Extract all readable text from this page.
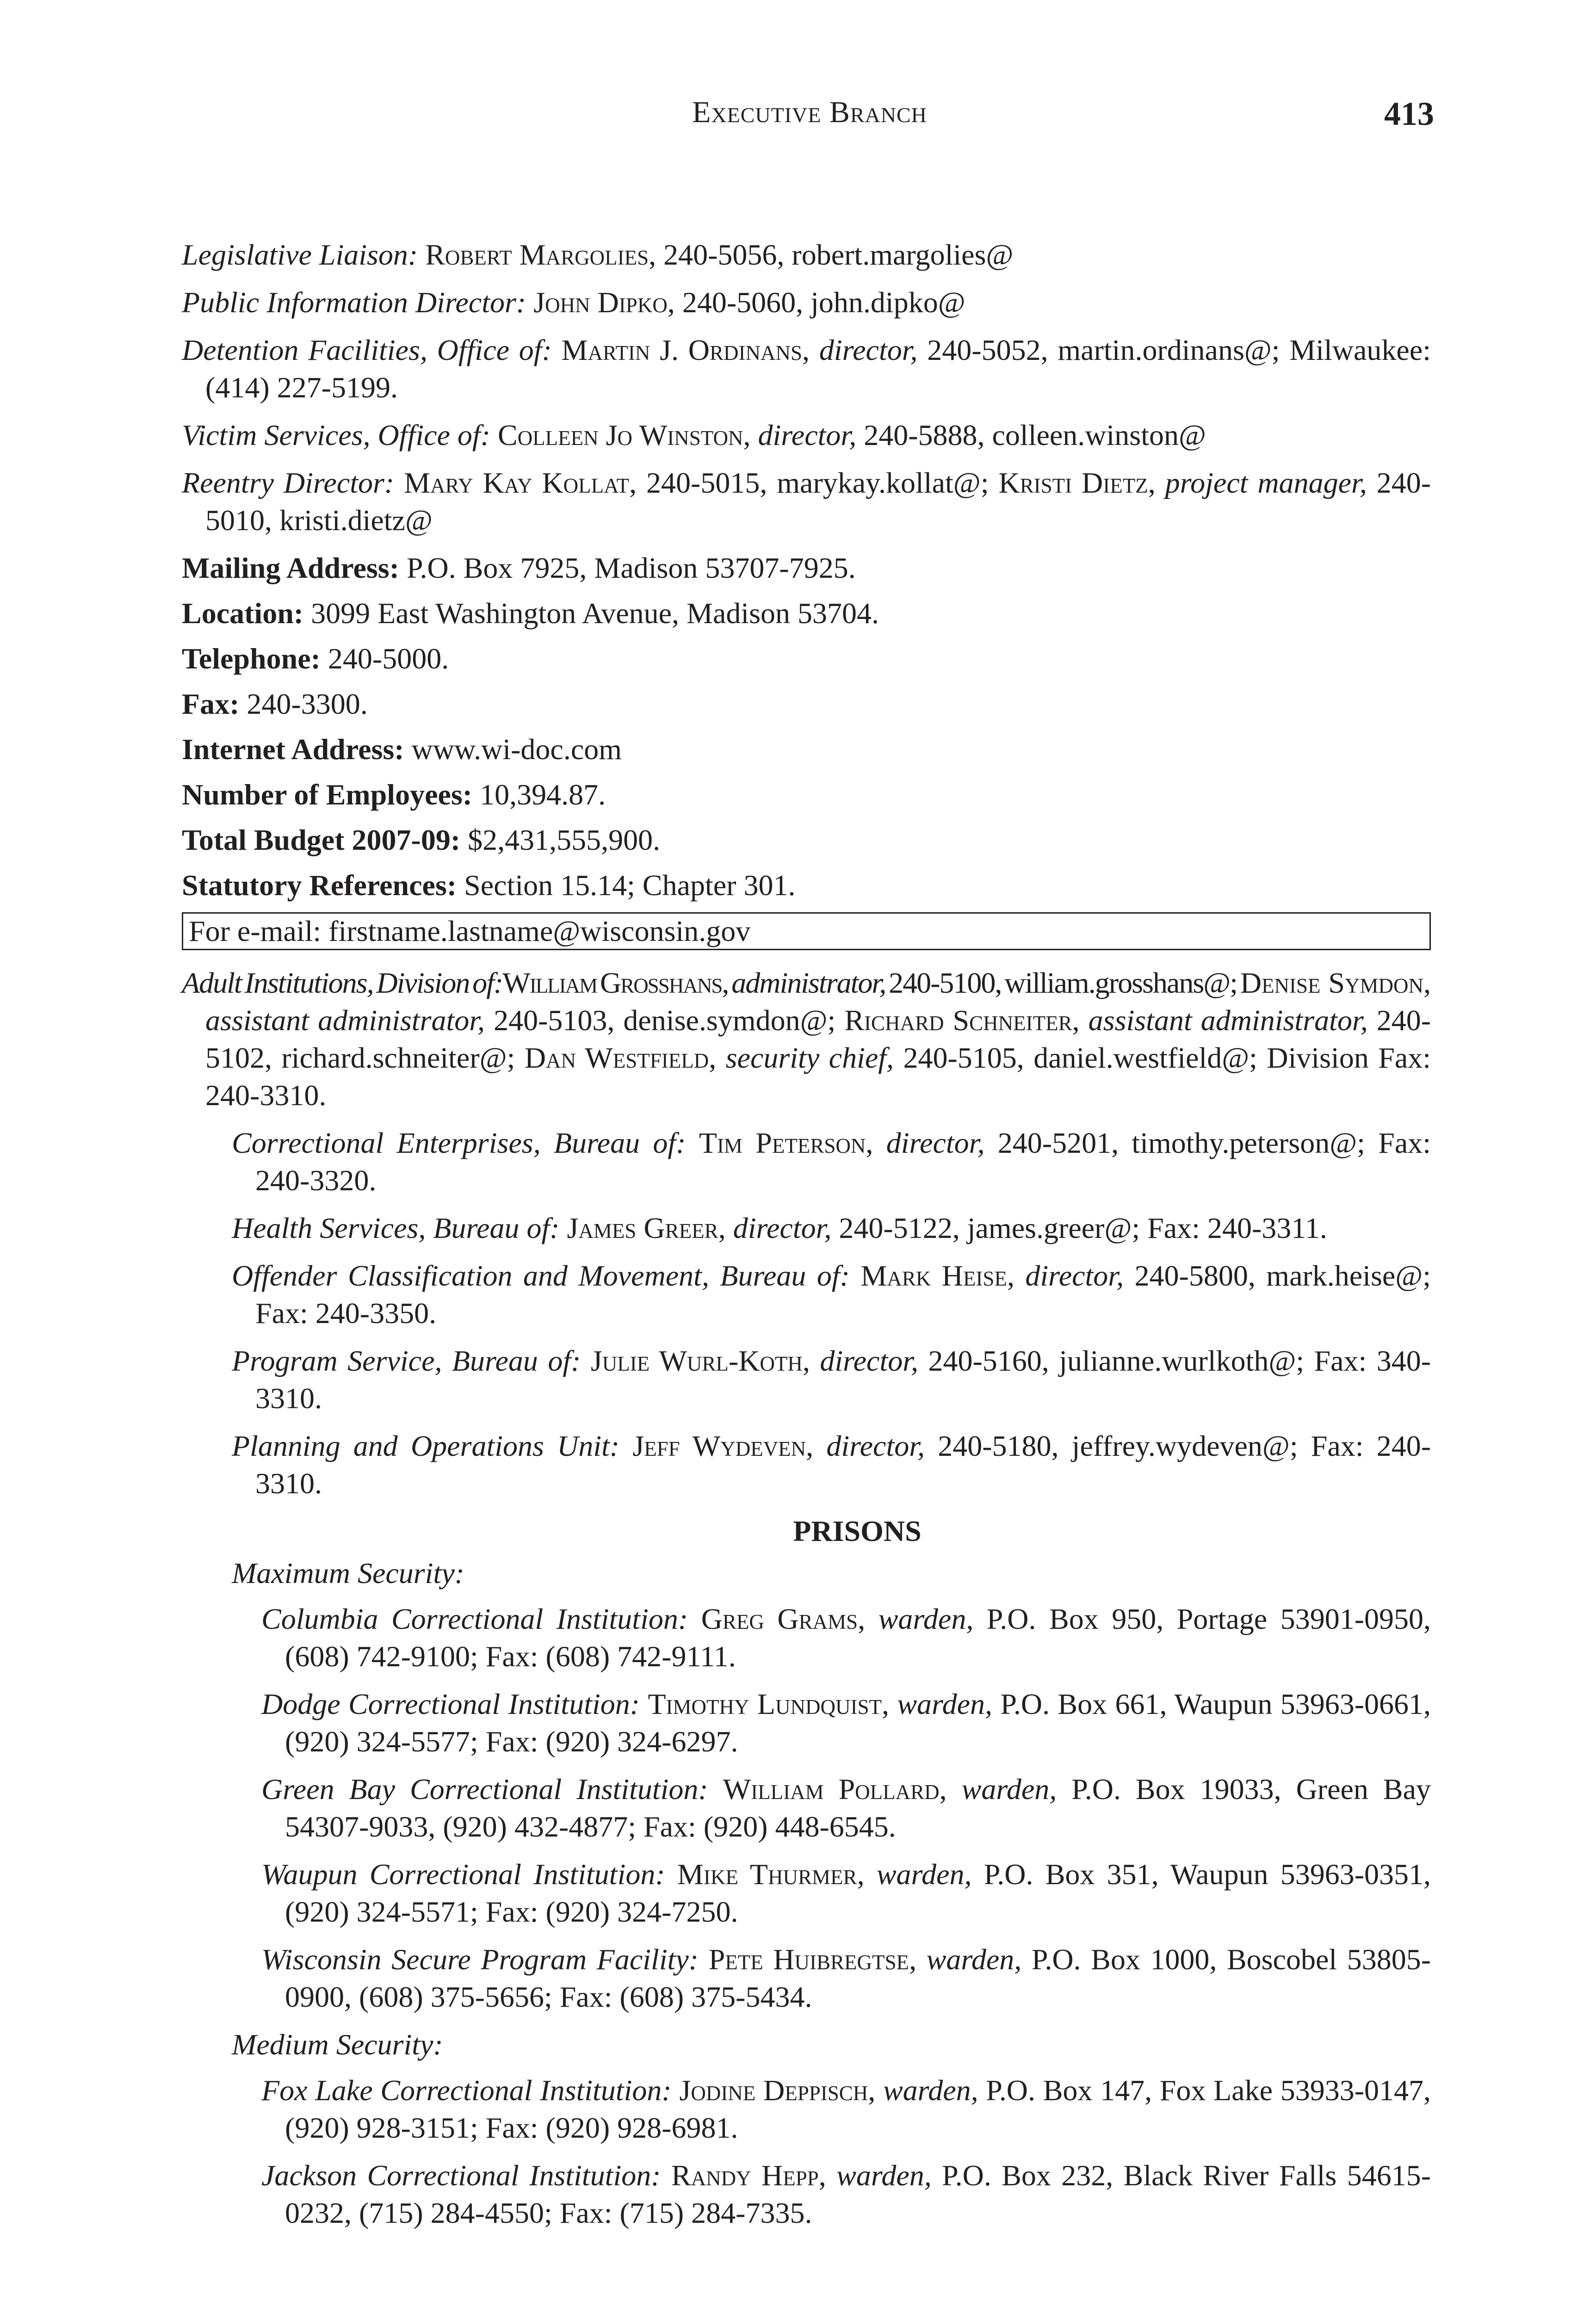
Executive Branch	413

Legislative Liaison: Robert Margolies, 240-5056, robert.margolies@

Public Information Director: John Dipko, 240-5060, john.dipko@

Detention Facilities, Office of: Martin J. Ordinans, director, 240-5052, martin.ordinans@; Milwaukee: (414) 227-5199.

Victim Services, Office of: Colleen Jo Winston, director, 240-5888, colleen.winston@

Reentry Director: Mary Kay Kollat, 240-5015, marykay.kollat@; Kristi Dietz, project manager, 240-5010, kristi.dietz@

Mailing Address: P.O. Box 7925, Madison 53707-7925.

Location: 3099 East Washington Avenue, Madison 53704.

Telephone: 240-5000.

Fax: 240-3300.

Internet Address: www.wi-doc.com

Number of Employees: 10,394.87.

Total Budget 2007-09: $2,431,555,900.

Statutory References: Section 15.14; Chapter 301.

For e-mail: firstname.lastname@wisconsin.gov

Adult Institutions, Division of:William Grosshans, administrator, 240-5100, william.grosshans@; Denise Symdon, assistant administrator, 240-5103, denise.symdon@; Richard Schneiter, assistant administrator, 240-5102, richard.schneiter@; Dan Westfield, security chief, 240-5105, daniel.westfield@; Division Fax: 240-3310.

Correctional Enterprises, Bureau of: Tim Peterson, director, 240-5201, timothy.peterson@; Fax: 240-3320.

Health Services, Bureau of: James Greer, director, 240-5122, james.greer@; Fax: 240-3311.

Offender Classification and Movement, Bureau of: Mark Heise, director, 240-5800, mark.heise@; Fax: 240-3350.

Program Service, Bureau of: Julie Wurl-Koth, director, 240-5160, julianne.wurlkoth@; Fax: 340-3310.

Planning and Operations Unit: Jeff Wydeven, director, 240-5180, jeffrey.wydeven@; Fax: 240-3310.

PRISONS
Maximum Security:

Columbia Correctional Institution: Greg Grams, warden, P.O. Box 950, Portage 53901-0950, (608) 742-9100; Fax: (608) 742-9111.

Dodge Correctional Institution: Timothy Lundquist, warden, P.O. Box 661, Waupun 53963-0661, (920) 324-5577; Fax: (920) 324-6297.

Green Bay Correctional Institution: William Pollard, warden, P.O. Box 19033, Green Bay 54307-9033, (920) 432-4877; Fax: (920) 448-6545.

Waupun Correctional Institution: Mike Thurmer, warden, P.O. Box 351, Waupun 53963-0351, (920) 324-5571; Fax: (920) 324-7250.

Wisconsin Secure Program Facility: Pete Huibregtse, warden, P.O. Box 1000, Boscobel 53805-0900, (608) 375-5656; Fax: (608) 375-5434.

Medium Security:

Fox Lake Correctional Institution: Jodine Deppisch, warden, P.O. Box 147, Fox Lake 53933-0147, (920) 928-3151; Fax: (920) 928-6981.

Jackson Correctional Institution: Randy Hepp, warden, P.O. Box 232, Black River Falls 54615-0232, (715) 284-4550; Fax: (715) 284-7335.
